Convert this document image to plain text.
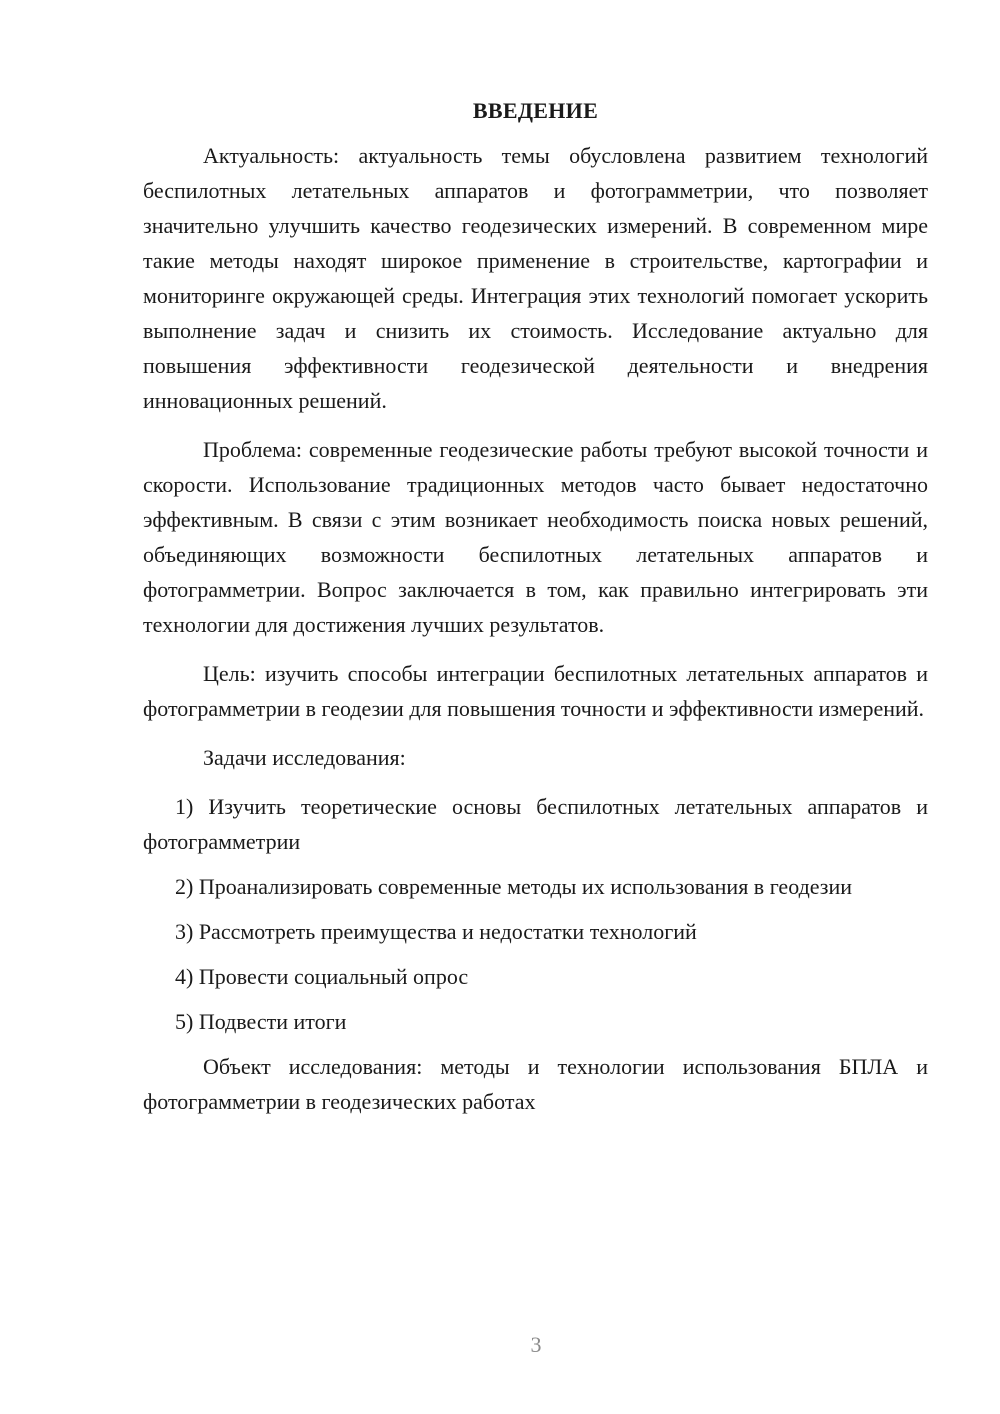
ВВЕДЕНИЕ

Актуальность: актуальность темы обусловлена развитием технологий беспилотных летательных аппаратов и фотограмметрии, что позволяет значительно улучшить качество геодезических измерений. В современном мире такие методы находят широкое применение в строительстве, картографии и мониторинге окружающей среды. Интеграция этих технологий помогает ускорить выполнение задач и снизить их стоимость. Исследование актуально для повышения эффективности геодезической деятельности и внедрения инновационных решений.

Проблема: современные геодезические работы требуют высокой точности и скорости. Использование традиционных методов часто бывает недостаточно эффективным. В связи с этим возникает необходимость поиска новых решений, объединяющих возможности беспилотных летательных аппаратов и фотограмметрии. Вопрос заключается в том, как правильно интегрировать эти технологии для достижения лучших результатов.

Цель: изучить способы интеграции беспилотных летательных аппаратов и фотограмметрии в геодезии для повышения точности и эффективности измерений.

Задачи исследования:

1) Изучить теоретические основы беспилотных летательных аппаратов и фотограмметрии

2) Проанализировать современные методы их использования в геодезии

3) Рассмотреть преимущества и недостатки технологий

4) Провести социальный опрос

5) Подвести итоги

Объект исследования: методы и технологии использования БПЛА и фотограмметрии в геодезических работах

3
